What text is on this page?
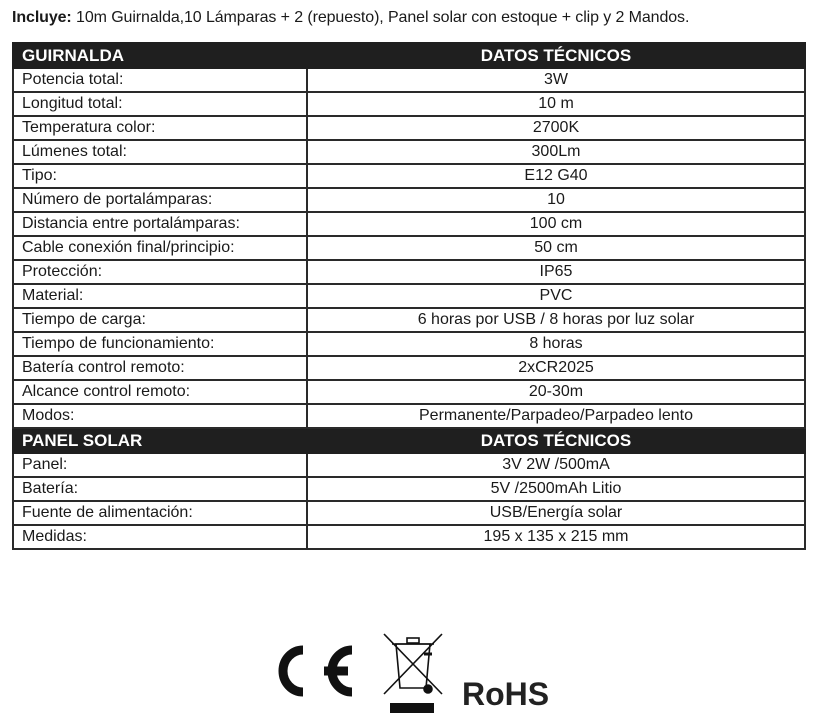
Incluye: 10m Guirnalda,10 Lámparas + 2 (repuesto), Panel solar con estoque + clip y 2 Mandos.
GUIRNALDA	DATOS TÉCNICOS
Potencia total:	3W
Longitud total:	10 m
Temperatura color:	2700K
Lúmenes total:	300Lm
Tipo:	E12 G40
Número de portalámparas:	10
Distancia entre portalámparas:	100 cm
Cable conexión final/principio:	50 cm
Protección:	IP65
Material:	PVC
Tiempo de carga:	6 horas por USB / 8 horas por luz solar
Tiempo de funcionamiento:	8 horas
Batería control remoto:	2xCR2025
Alcance control remoto:	20-30m
Modos:	Permanente/Parpadeo/Parpadeo lento
PANEL SOLAR	DATOS TÉCNICOS
Panel:	3V 2W /500mA
Batería:	5V /2500mAh Litio
Fuente de alimentación:	USB/Energía solar
Medidas:	195 x 135 x 215 mm
RoHS
